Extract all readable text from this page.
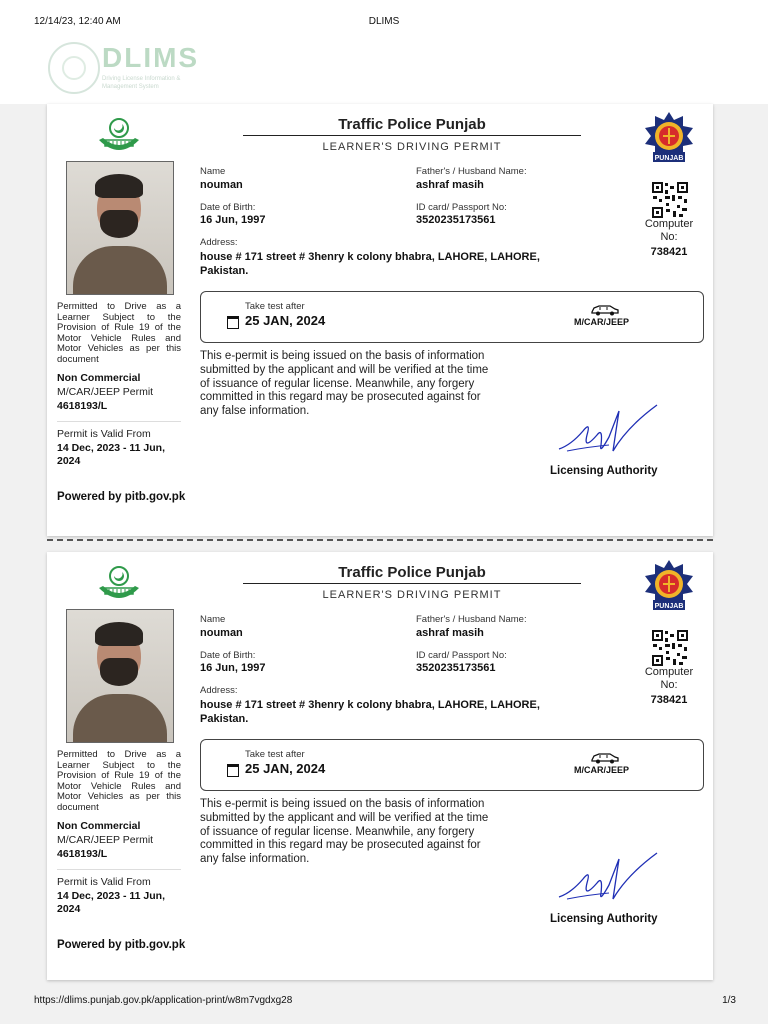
12/14/23, 12:40 AM	DLIMS
DLIMS
Driving License Information & Management System
Permitted to Drive as a Learner Subject to the Provision of Rule 19 of the Motor Vehicle Rules and Motor Vehicles as per this document
Non Commercial
M/CAR/JEEP Permit
4618193/L
Permit is Valid From
14 Dec, 2023 - 11 Jun, 2024
Powered by pitb.gov.pk
Traffic Police Punjab
LEARNER'S DRIVING PERMIT
Name
nouman
Father's / Husband Name:
ashraf masih
Date of Birth:
16 Jun, 1997
ID card/ Passport No:
3520235173561
Address:
house # 171 street # 3henry k colony bhabra, LAHORE, LAHORE, Pakistan.
Take test after
25 JAN, 2024	M/CAR/JEEP
This e-permit is being issued on the basis of information submitted by the applicant and will be verified at the time of issuance of regular license. Meanwhile, any forgery committed in this regard may be prosecuted against for any false information.
PUNJAB
Computer No:
738421
Licensing Authority
Permitted to Drive as a Learner Subject to the Provision of Rule 19 of the Motor Vehicle Rules and Motor Vehicles as per this document
Non Commercial
M/CAR/JEEP Permit
4618193/L
Permit is Valid From
14 Dec, 2023 - 11 Jun, 2024
Powered by pitb.gov.pk
Traffic Police Punjab
LEARNER'S DRIVING PERMIT
Name
nouman
Father's / Husband Name:
ashraf masih
Date of Birth:
16 Jun, 1997
ID card/ Passport No:
3520235173561
Address:
house # 171 street # 3henry k colony bhabra, LAHORE, LAHORE, Pakistan.
Take test after
25 JAN, 2024	M/CAR/JEEP
This e-permit is being issued on the basis of information submitted by the applicant and will be verified at the time of issuance of regular license. Meanwhile, any forgery committed in this regard may be prosecuted against for any false information.
PUNJAB
Computer No:
738421
Licensing Authority
https://dlims.punjab.gov.pk/application-print/w8m7vgdxg28	1/3
